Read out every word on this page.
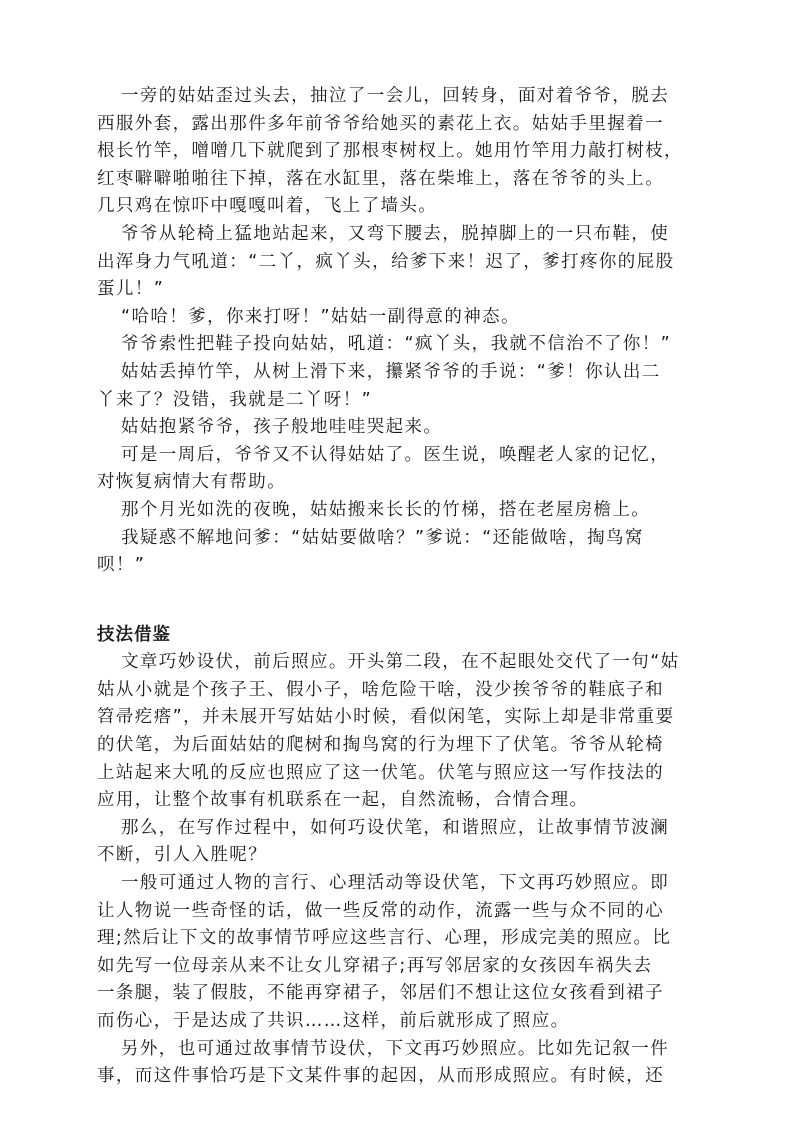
一旁的姑姑歪过头去，抽泣了一会儿，回转身，面对着爷爷，脱去
西服外套，露出那件多年前爷爷给她买的素花上衣。姑姑手里握着一
根长竹竿，噌噌几下就爬到了那根枣树杈上。她用竹竿用力敲打树枝，
红枣噼噼啪啪往下掉，落在水缸里，落在柴堆上，落在爷爷的头上。
几只鸡在惊吓中嘎嘎叫着，飞上了墙头。
爷爷从轮椅上猛地站起来，又弯下腰去，脱掉脚上的一只布鞋，使
出浑身力气吼道：“二丫，疯丫头，给爹下来！迟了，爹打疼你的屁股
蛋儿！”
“哈哈！爹，你来打呀！”姑姑一副得意的神态。
爷爷索性把鞋子投向姑姑，吼道：“疯丫头，我就不信治不了你！”
姑姑丢掉竹竿，从树上滑下来，攥紧爷爷的手说：“爹！你认出二
丫来了？没错，我就是二丫呀！”
姑姑抱紧爷爷，孩子般地哇哇哭起来。
可是一周后，爷爷又不认得姑姑了。医生说，唤醒老人家的记忆，
对恢复病情大有帮助。
那个月光如洗的夜晚，姑姑搬来长长的竹梯，搭在老屋房檐上。
我疑惑不解地问爹：“姑姑要做啥？”爹说：“还能做啥，掏鸟窝
呗！”

技法借鉴

文章巧妙设伏，前后照应。开头第二段，在不起眼处交代了一句“姑
姑从小就是个孩子王、假小子，啥危险干啥，没少挨爷爷的鞋底子和
笤帚疙瘩”，并未展开写姑姑小时候，看似闲笔，实际上却是非常重要
的伏笔，为后面姑姑的爬树和掏鸟窝的行为埋下了伏笔。爷爷从轮椅
上站起来大吼的反应也照应了这一伏笔。伏笔与照应这一写作技法的
应用，让整个故事有机联系在一起，自然流畅，合情合理。
那么，在写作过程中，如何巧设伏笔，和谐照应，让故事情节波澜
不断，引人入胜呢？
一般可通过人物的言行、心理活动等设伏笔，下文再巧妙照应。即
让人物说一些奇怪的话，做一些反常的动作，流露一些与众不同的心
理;然后让下文的故事情节呼应这些言行、心理，形成完美的照应。比
如先写一位母亲从来不让女儿穿裙子;再写邻居家的女孩因车祸失去
一条腿，装了假肢，不能再穿裙子，邻居们不想让这位女孩看到裙子
而伤心，于是达成了共识……这样，前后就形成了照应。
另外，也可通过故事情节设伏，下文再巧妙照应。比如先记叙一件
事，而这件事恰巧是下文某件事的起因，从而形成照应。有时候，还
